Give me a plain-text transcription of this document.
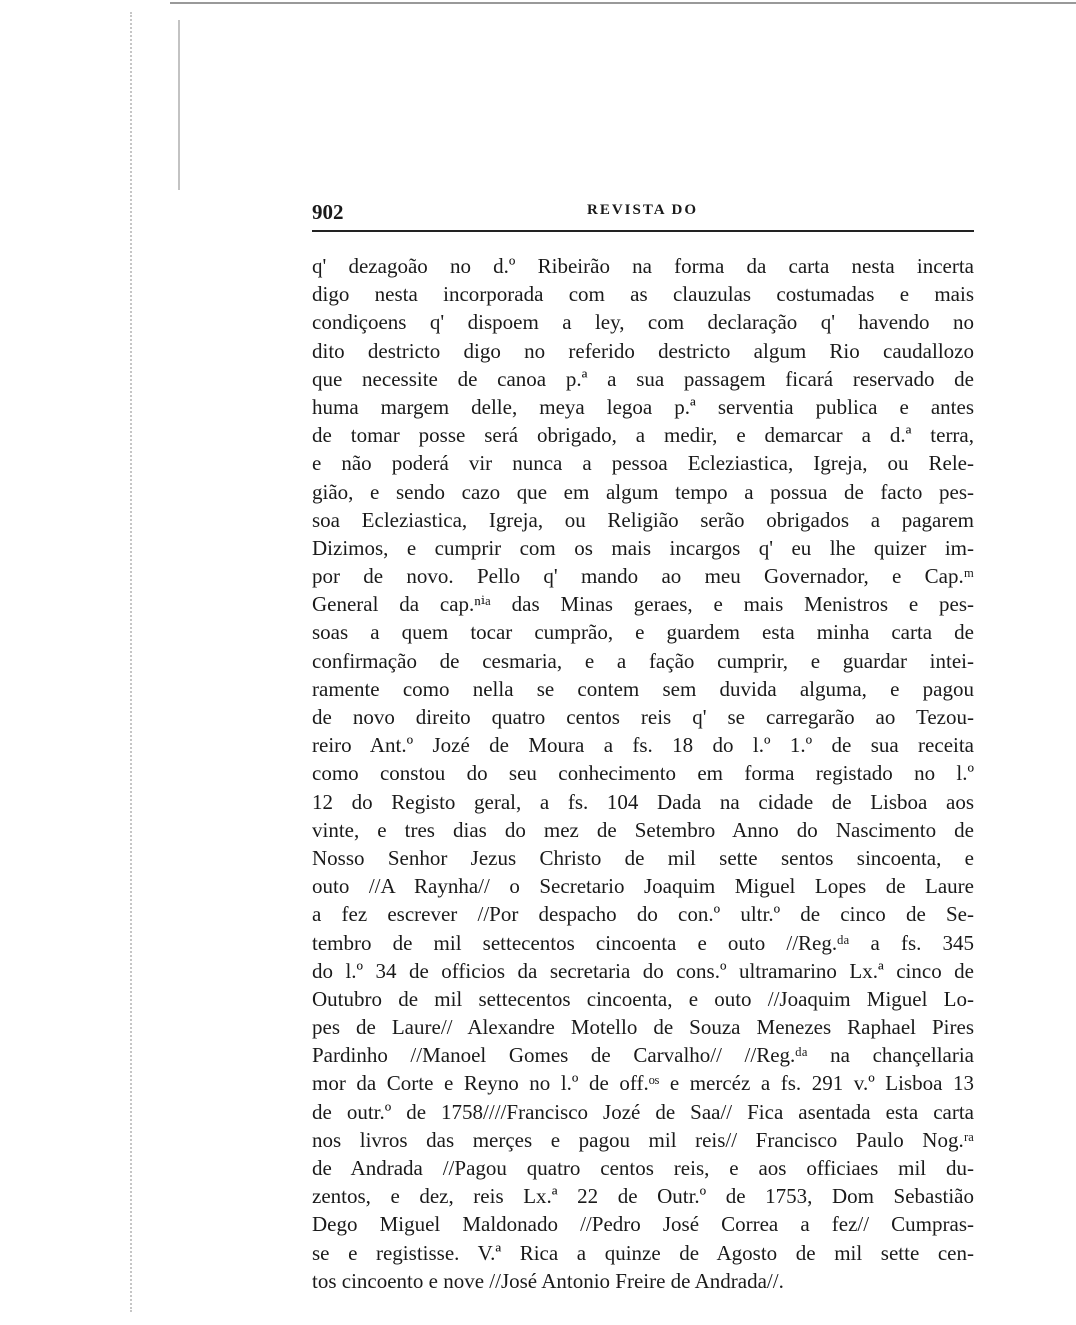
902	REVISTA DO
q' dezagoão no d.º Ribeirão na forma da carta nesta incerta
digo nesta incorporada com as clauzulas costumadas e mais
condiçoens q' dispoem a ley, com declaração q' havendo no
dito destricto digo no referido destricto algum Rio caudallozo
que necessite de canoa p.ª a sua passagem ficará reservado de
huma margem delle, meya legoa p.ª serventia publica e antes
de tomar posse será obrigado, a medir, e demarcar a d.ª terra,
e não poderá vir nunca a pessoa Ecleziastica, Igreja, ou Rele-
gião, e sendo cazo que em algum tempo a possua de facto pes-
soa Ecleziastica, Igreja, ou Religião serão obrigados a pagarem
Dizimos, e cumprir com os mais incargos q' eu lhe quizer im-
por de novo. Pello q' mando ao meu Governador, e Cap.ᵐ
General da cap.ⁿⁱᵃ das Minas geraes, e mais Menistros e pes-
soas a quem tocar cumprão, e guardem esta minha carta de
confirmação de cesmaria, e a fação cumprir, e guardar intei-
ramente como nella se contem sem duvida alguma, e pagou
de novo direito quatro centos reis q' se carregarão ao Tezou-
reiro Ant.º Jozé de Moura a fs. 18 do l.º 1.º de sua receita
como constou do seu conhecimento em forma registado no l.º
12 do Registo geral, a fs. 104 Dada na cidade de Lisboa aos
vinte, e tres dias do mez de Setembro Anno do Nascimento de
Nosso Senhor Jezus Christo de mil sette sentos sincoenta, e
outo //A Raynha// o Secretario Joaquim Miguel Lopes de Laure
a fez escrever //Por despacho do con.º ultr.º de cinco de Se-
tembro de mil settecentos cincoenta e outo //Reg.ᵈᵃ a fs. 345
do l.º 34 de officios da secretaria do cons.º ultramarino Lx.ª cinco de
Outubro de mil settecentos cincoenta, e outo //Joaquim Miguel Lo-
pes de Laure// Alexandre Motello de Souza Menezes Raphael Pires
Pardinho //Manoel Gomes de Carvalho// //Reg.ᵈᵃ na chançellaria
mor da Corte e Reyno no l.º de off.ᵒˢ e mercéz a fs. 291 v.º Lisboa 13
de outr.º de 1758////Francisco Jozé de Saa// Fica asentada esta carta
nos livros das merçes e pagou mil reis// Francisco Paulo Nog.ʳᵃ
de Andrada //Pagou quatro centos reis, e aos officiaes mil du-
zentos, e dez, reis Lx.ª 22 de Outr.º de 1753, Dom Sebastião
Dego Miguel Maldonado //Pedro José Correa a fez// Cumpras-
se e registisse. V.ª Rica a quinze de Agosto de mil sette cen-
tos cincoento e nove //José Antonio Freire de Andrada//.
